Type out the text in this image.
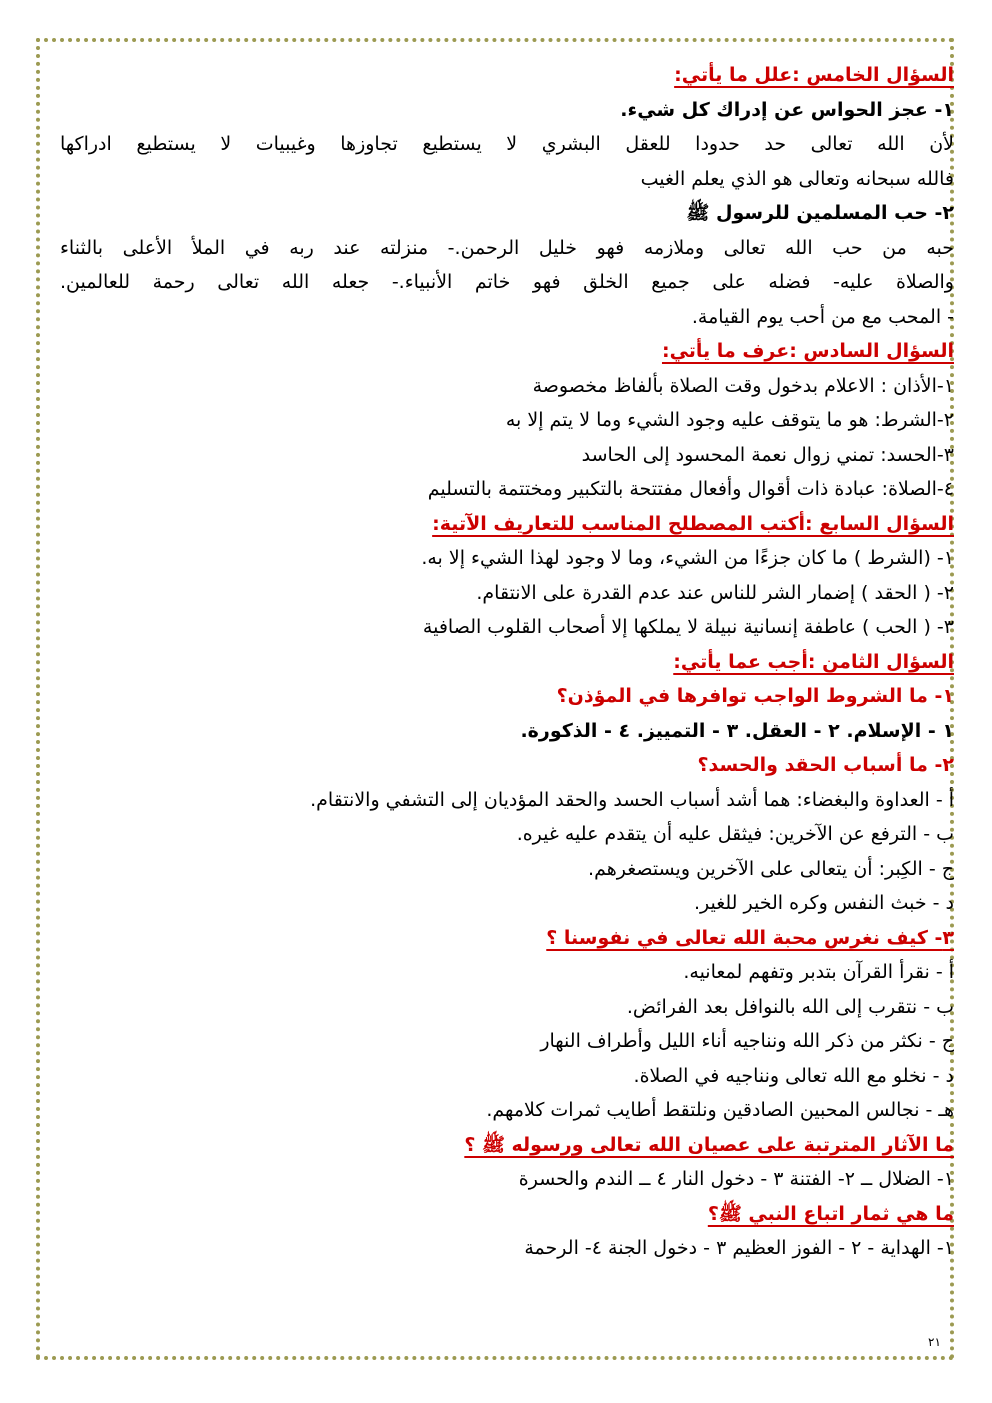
السؤال الخامس :علل ما يأتي:
١- عجز الحواس عن إدراك كل شيء.
لأن الله تعالى حد حدودا للعقل البشري لا يستطيع تجاوزها وغيبيات لا يستطيع ادراكها
فالله سبحانه وتعالى هو الذي يعلم الغيب
٢- حب المسلمين للرسول ﷺ
حبه من حب الله تعالى وملازمه فهو خليل الرحمن.- منزلته عند ربه في الملأ الأعلى بالثناء
والصلاة عليه- فضله على جميع الخلق فهو خاتم الأنبياء.- جعله الله تعالى رحمة للعالمين.
- المحب مع من أحب يوم القيامة.
السؤال السادس :عرف ما يأتي:
١-الأذان : الاعلام بدخول وقت الصلاة بألفاظ مخصوصة
٢-الشرط: هو ما يتوقف عليه وجود الشيء وما لا يتم إلا به
٣-الحسد: تمني زوال نعمة المحسود إلى الحاسد
٤-الصلاة: عبادة ذات أقوال وأفعال مفتتحة بالتكبير ومختتمة بالتسليم
السؤال السابع :أكتب المصطلح المناسب للتعاريف الآتية:
١- (الشرط ) ما كان جزءًا من الشيء، وما لا وجود لهذا الشيء إلا به.
٢- ( الحقد ) إضمار الشر للناس عند عدم القدرة على الانتقام.
٣- ( الحب ) عاطفة إنسانية نبيلة لا يملكها إلا أصحاب القلوب الصافية
السؤال الثامن :أجب عما يأتي:
١- ما الشروط الواجب توافرها في المؤذن؟
١ - الإسلام. ٢ - العقل. ٣ - التمييز. ٤ - الذكورة.
٢- ما أسباب الحقد والحسد؟
أ - العداوة والبغضاء: هما أشد أسباب الحسد والحقد المؤديان إلى التشفي والانتقام.
ب - الترفع عن الآخرين: فيثقل عليه أن يتقدم عليه غيره.
ج - الكِبر: أن يتعالى على الآخرين ويستصغرهم.
د - خبث النفس وكره الخير للغير.
٣- كيف نغرس محبة الله تعالى في نفوسنا ؟
أ - نقرأ القرآن بتدبر وتفهم لمعانيه.
ب - نتقرب إلى الله بالنوافل بعد الفرائض.
ج - نكثر من ذكر الله ونناجيه أناء الليل وأطراف النهار
د - نخلو مع الله تعالى ونناجيه في الصلاة.
هـ - نجالس المحبين الصادقين ونلتقط أطايب ثمرات كلامهم.
ما الآثار المترتبة على عصيان الله تعالى ورسوله ﷺ ؟
١- الضلال ــ ٢- الفتنة ٣ - دخول النار ٤ ــ الندم والحسرة
ما هي ثمار اتباع النبي ﷺ؟
١- الهداية - ٢ - الفوز العظيم ٣ - دخول الجنة ٤- الرحمة
٢١
